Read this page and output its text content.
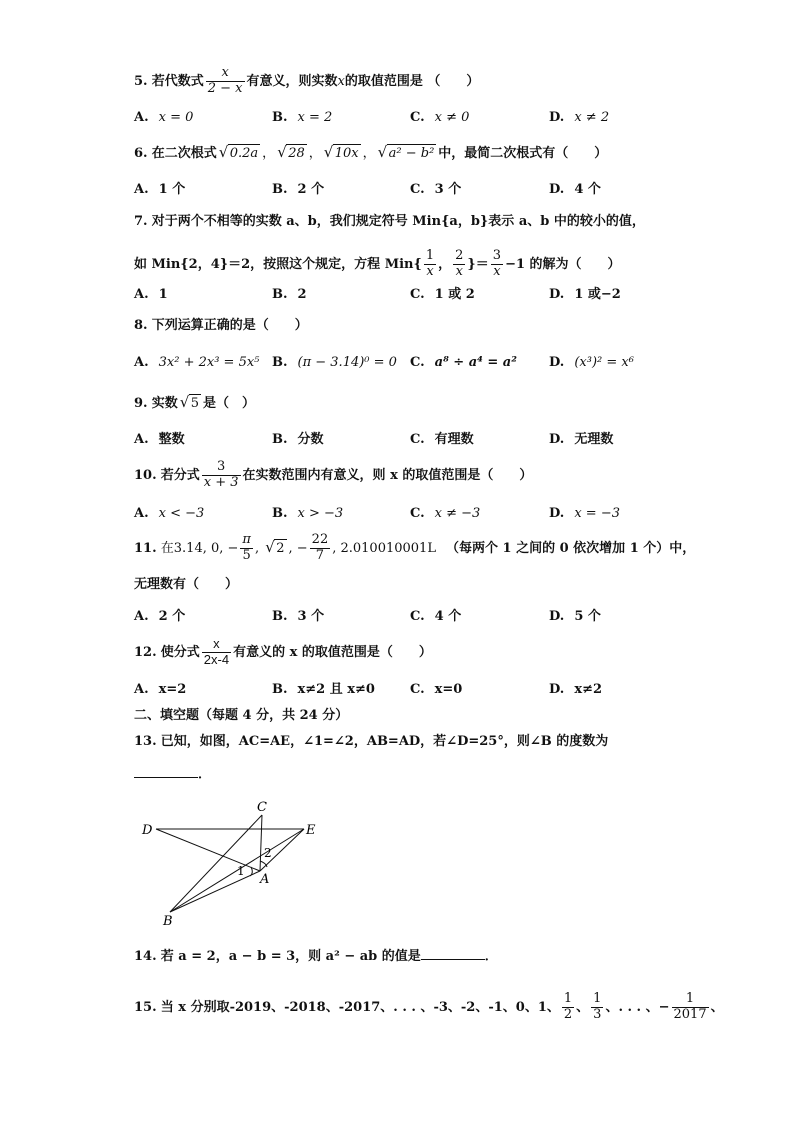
5. 若代数式 $\frac{x}{2 - x}$ 有意义，则实数x的取值范围是 （　　）
A. x = 0	B. x = 2	C. x ≠ 0	D. x ≠ 2
6. 在二次根式 √ 0.2a ， √ 28 ， √ 10x ， √ a² − b² 中，最简二次根式有（　　）
A. 1 个	B. 2 个	C. 3 个	D. 4 个
7. 对于两个不相等的实数 a、b，我们规定符号 Min{a，b}表示 a、b 中的较小的值，
如 Min{2，4}＝2，按照这个规定，方程 $Min\{ \frac{1}{x}$ ， $\frac{2}{x}$ }＝ $\frac{3}{x} -1$ 的解为（　　）
A. 1	B. 2	C. 1 或 2	D. 1 或−2
8. 下列运算正确的是（　　）
A. 3x² + 2x³ = 5x⁵ B. (π − 3.14)⁰ = 0 C. a⁸ ÷ a⁴ = a² D. (x³)² = x⁶
9. 实数 √ 5 是（　）
A. 整数	B. 分数	C. 有理数	D. 无理数
10. 若分式 $\frac{3}{x + 3}$ 在实数范围内有意义，则 x 的取值范围是（　　）
A. x < −3	B. x > −3	C. x ≠ −3	D. x = −3
11. 在3.14, 0, − $\frac{\pi}{5}$ , √ 2 , − $\frac{22}{7}$ , 2.010010001L （每两个 1 之间的 0 依次增加 1 个）中，
无理数有（　　）
A. 2 个	B. 3 个	C. 4 个	D. 5 个
12. 使分式 $\frac{x}{2x-4}$ 有意义的 x 的取值范围是（　　）
A. x=2	B. x≠2 且 x≠0	C. x=0	D. x≠2
二、填空题（每题 4 分，共 24 分）
13. 已知，如图，AC=AE，∠1=∠2，AB=AD，若∠D=25°，则∠B 的度数为
．
C
D	E
A
B
1
2
14. 若 a = 2，a − b = 3，则 a² − ab 的值是	．
15. 当 x 分别取-2019、-2018、-2017、. . . 、-3、-2、-1、0、1、 $\frac{1}{2}$ 、 $\frac{1}{3}$ 、. . . 、− $\frac{1}{2017}$ 、
